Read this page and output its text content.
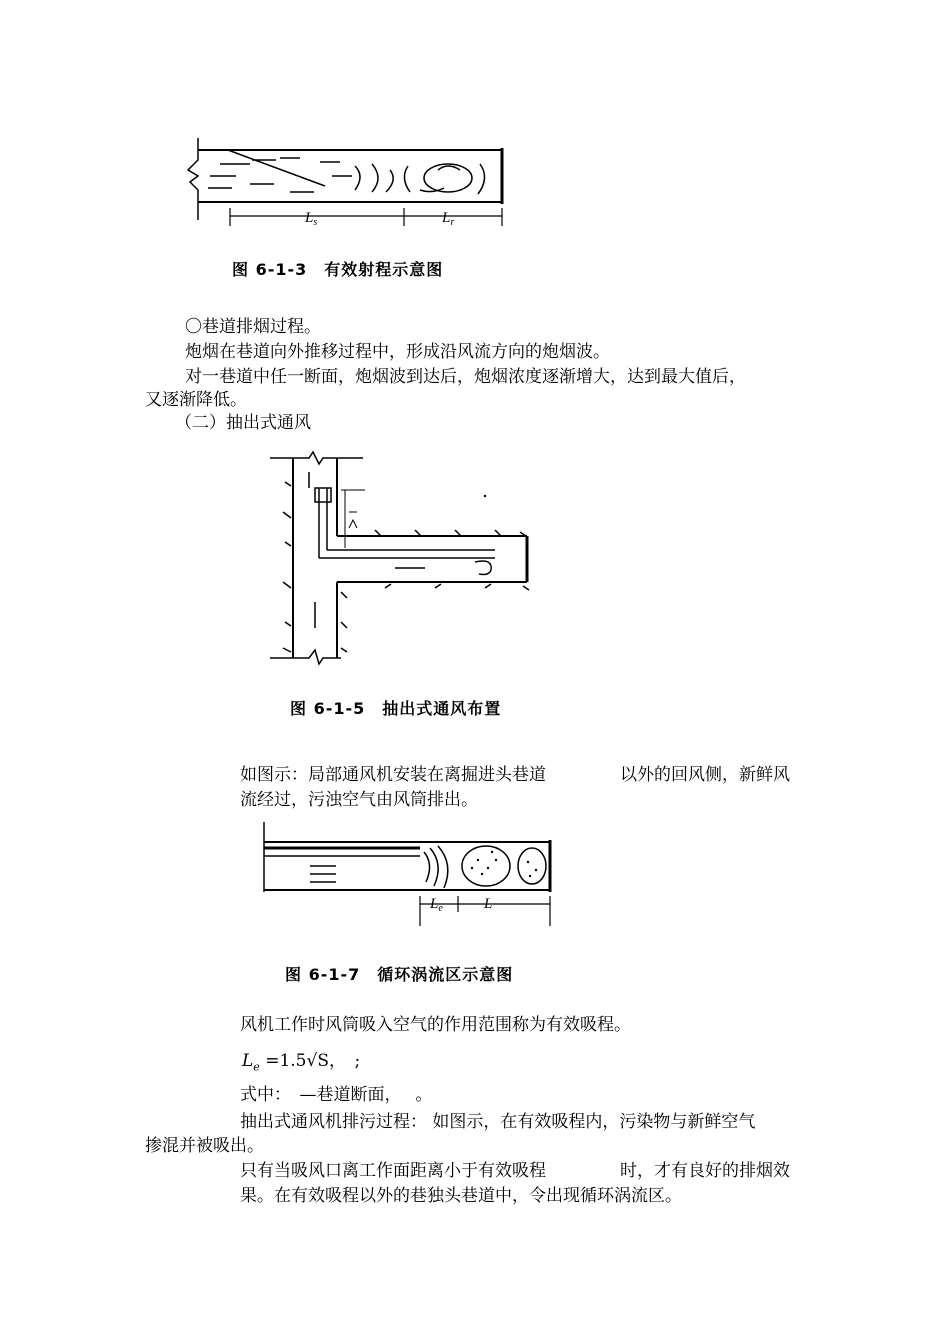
$L_s$	$L_r$
图 6-1-3　有效射程示意图
〇巷道排烟过程。
炮烟在巷道向外推移过程中，形成沿风流方向的炮烟波。
对一巷道中任一断面，炮烟波到达后，炮烟浓度逐渐增大，达到最大值后，
又逐渐降低。
（二）抽出式通风
图 6-1-5　抽出式通风布置
如图示：局部通风机安装在离掘进头巷道	以外的回风侧，新鲜风
流经过，污浊空气由风筒排出。
$L_e$	L
图 6-1-7　循环涡流区示意图
风机工作时风筒吸入空气的作用范围称为有效吸程。
$L_e =1.5√S$，　;
式中：　—巷道断面，　 。
抽出式通风机排污过程： 如图示，在有效吸程内，污染物与新鲜空气
掺混并被吸出。
只有当吸风口离工作面距离小于有效吸程	时，才有良好的排烟效
果。在有效吸程以外的巷独头巷道中，令出现循环涡流区。
